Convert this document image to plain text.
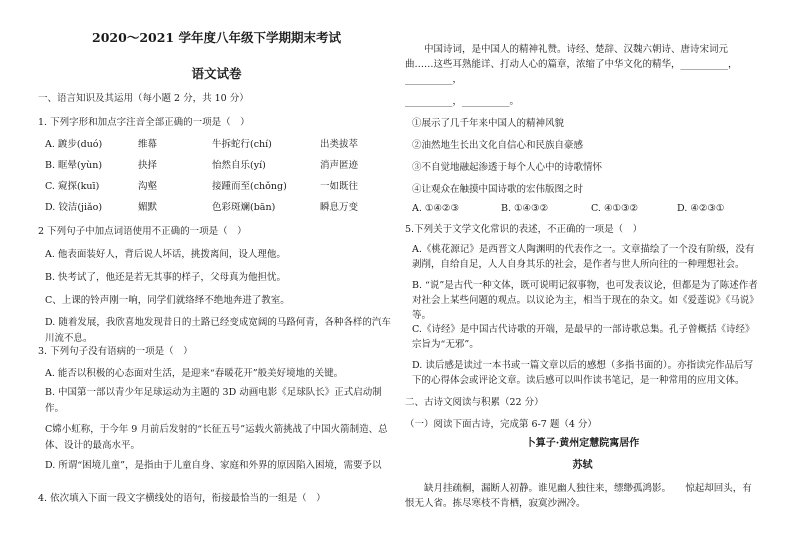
2020～2021 学年度八年级下学期期末考试
语文试卷
一、语言知识及其运用（每小题 2 分，共 10 分）
1. 下列字形和加点字注音全部正确的一项是（　）
A. 踱步(duó)	维幕	牛拆蛇行(chí)	出类拔萃
B. 眶晕(yùn)	抉择	怡然自乐(yí)	消声匿迹
C. 窥探(kuī)	沟壑	接踵而至(chǒng)	一如既往
D. 铰洁(jiǎo)	媚默	色彩斑斓(bān)	瞬息万变
2 下列句子中加点词语使用不正确的一项是（　）
A. 他表面装好人，背后说人坏话，挑拨离间，设人理他。
B. 快考试了，他还是若无其事的样子，父母真为他担忧。
C、上课的铃声刚一响，同学们就络绎不绝地奔进了教室。
D. 随着发展，我欣喜地发现昔日的土路已经变成宽阔的马路何青，各种各样的汽车川流不息。
3. 下列句子没有语病的一项是（　）
A. 能否以积极的心态面对生活，是迎来“春暖花开”般美好境地的关键。
B. 中国第一部以青少年足球运动为主题的 3D 动画电影《足球队长》正式启动制作。
C嫦小虹称，于今年 9 月前后发射的“长征五号”运载火箭挑战了中国火箭制造、总体、设计的最高水平。
D. 所谓“困境儿童”，是指由于儿童自身、家庭和外界的原因陷入困境，需要予以
4. 依次填入下面一段文字横线处的语句，衔接最恰当的一组是（　）
中国诗词，是中国人的精神礼赞。诗经、楚辞、汉魏六朝诗、唐诗宋词元曲……这些耳熟能详、打动人心的篇章，浓缩了中华文化的精华，__________，__________，
__________，__________。
①展示了几千年来中国人的精神风貌
②油然地生长出文化自信心和民族自豪感
③不自觉地融起渗透于每个人心中的诗歌情怀
④让观众在触摸中国诗歌的宏伟版图之时
A. ①④②③	B. ①④③②	C. ④①③②	D. ④②③①
5.下列关于文学文化常识的表述，不正确的一项是（　）
A.《桃花源记》是西晋文人陶渊明的代表作之一。文章描绘了一个没有阶级，没有剥削，自给自足，人人自身其乐的社会，是作者与世人所向往的一种理想社会。
B. “说”是古代一种文体，既可说明记叙事物，也可发表议论，但都是为了陈述作者对社会上某些问题的观点。以议论为主，相当于现在的杂文。如《爱莲说》《马说》等。
C.《诗经》是中国古代诗歌的开端，是最早的一部诗歌总集。孔子曾概括《诗经》宗旨为“无邪”。
D. 读后感是读过一本书或一篇文章以后的感想（多指书面的）。亦指读完作品后写下的心得体会或评论文章。读后感可以叫作读书笔记，是一种常用的应用文体。
二、古诗文阅读与积累（22 分）
（一）阅读下面古诗，完成第 6-7 题（4 分）
卜算子·黄州定慧院寓居作
苏轼
缺月挂疏桐，漏断人初静。谁见幽人独往来，缥缈孤鸿影。　　惊起却回头，有恨无人省。拣尽寒枝不肯栖，寂寞沙洲冷。
